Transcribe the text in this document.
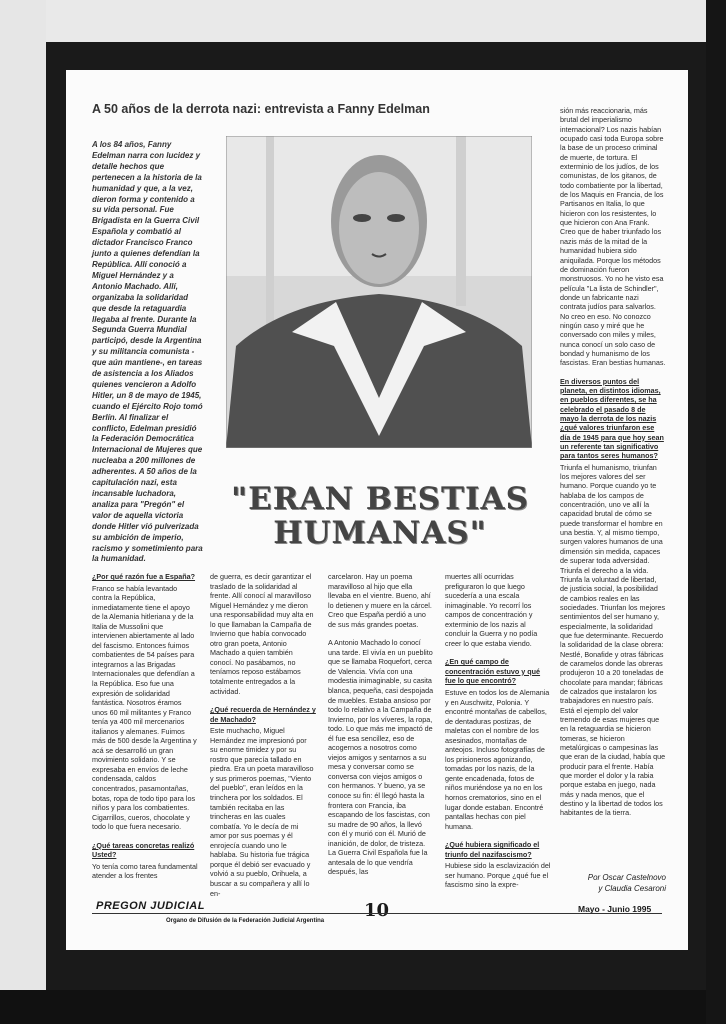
A 50 años de la derrota nazi: entrevista a Fanny Edelman
A los 84 años, Fanny Edelman narra con lucidez y detalle hechos que pertenecen a la historia de la humanidad y que, a la vez, dieron forma y contenido a su vida personal. Fue Brigadista en la Guerra Civil Española y combatió al dictador Francisco Franco junto a quienes defendían la República. Allí conoció a Miguel Hernández y a Antonio Machado. Allí, organizaba la solidaridad que desde la retaguardia llegaba al frente. Durante la Segunda Guerra Mundial participó, desde la Argentina y su militancia comunista -que aún mantiene-, en tareas de asistencia a los Aliados quienes vencieron a Adolfo Hitler, un 8 de mayo de 1945, cuando el Ejército Rojo tomó Berlín. Al finalizar el conflicto, Edelman presidió la Federación Democrática Internacional de Mujeres que nucleaba a 200 millones de adherentes. A 50 años de la capitulación nazi, esta incansable luchadora, analiza para "Pregón" el valor de aquella victoria donde Hitler vió pulverizada su ambición de imperio, racismo y sometimiento para la humanidad.
"ERAN BESTIAS
HUMANAS"
¿Por qué razón fue a España?

Franco se había levantado contra la República, inmediatamente tiene el apoyo de la Alemania hitleriana y de la Italia de Mussolini que intervienen abiertamente al lado del fascismo. Entonces fuimos combatientes de 54 países para integrarnos a las Brigadas Internacionales que defendían a la República. Eso fue una expresión de solidaridad fantástica. Nosotros éramos unos 60 mil militantes y Franco tenía ya 400 mil mercenarios italianos y alemanes. Fuimos más de 500 desde la Argentina y acá se desarrolló un gran movimiento solidario. Y se expresaba en envíos de leche condensada, caldos concentrados, pasamontañas, botas, ropa de todo tipo para los niños y para los combatientes. Cigarrillos, cueros, chocolate y todo lo que fuera necesario.

¿Qué tareas concretas realizó Usted?

Yo tenía como tarea fundamental atender a los frentes

de guerra, es decir garantizar el traslado de la solidaridad al frente. Allí conocí al maravilloso Miguel Hernández y me dieron una responsabilidad muy alta en lo que llamaban la Campaña de Invierno que había convocado otro gran poeta, Antonio Machado a quien también conocí. No pasábamos, no teníamos reposo estábamos totalmente entregados a la actividad.

¿Qué recuerda de Hernández y de Machado?

Este muchacho, Miguel Hernández me impresionó por su enorme timidez y por su rostro que parecía tallado en piedra. Era un poeta maravilloso y sus primeros poemas, "Viento del pueblo", eran leídos en la trinchera por los soldados. El también recitaba en las trincheras en las cuales combatía. Yo le decía de mi amor por sus poemas y él enrojecía cuando uno le hablaba. Su historia fue trágica porque él debió ser evacuado y volvió a su pueblo, Orihuela, a buscar a su compañera y allí lo en-

carcelaron. Hay un poema maravilloso al hijo que ella llevaba en el vientre. Bueno, ahí lo detienen y muere en la cárcel. Creo que España perdió a uno de sus más grandes poetas.

A Antonio Machado lo conocí una tarde. El vivía en un pueblito que se llamaba Roquefort, cerca de Valencia. Vivía con una modestia inimaginable, su casita blanca, pequeña, casi despojada de muebles. Estaba ansioso por todo lo relativo a la Campaña de Invierno, por los víveres, la ropa, todo. Lo que más me impactó de él fue esa sencillez, eso de acogernos a nosotros como viejos amigos y sentarnos a su mesa y conversar como se conversa con viejos amigos o con hermanos. Y bueno, ya se conoce su fin: él llegó hasta la frontera con Francia, iba escapando de los fascistas, con su madre de 90 años, la llevó con él y murió con él. Murió de inanición, de dolor, de tristeza. La Guerra Civil Española fue la antesala de lo que vendría después, las

muertes allí ocurridas prefiguraron lo que luego sucedería a una escala inimaginable. Yo recorrí los campos de concentración y exterminio de los nazis al concluir la Guerra y no podía creer lo que estaba viendo.

¿En qué campo de concentración estuvo y qué fue lo que encontró?

Estuve en todos los de Alemania y en Auschwitz, Polonia. Y encontré montañas de cabellos, de dentaduras postizas, de maletas con el nombre de los asesinados, montañas de anteojos. Incluso fotografías de los prisioneros agonizando, tomadas por los nazis, de la gente encadenada, fotos de niños muriéndose ya no en los hornos crematorios, sino en el lugar donde estaban. Encontré pantallas hechas con piel humana.

¿Qué hubiera significado el triunfo del nazifascismo?

Hubiese sido la esclavización del ser humano. Porque ¿qué fue el fascismo sino la expre-

sión más reaccionaria, más brutal del imperialismo internacional? Los nazis habían ocupado casi toda Europa sobre la base de un proceso criminal de muerte, de tortura. El exterminio de los judíos, de los comunistas, de los gitanos, de todo combatiente por la libertad, de los Maquis en Francia, de los Partisanos en Italia, lo que hicieron con los resistentes, lo que hicieron con Ana Frank. Creo que de haber triunfado los nazis más de la mitad de la humanidad hubiera sido aniquilada. Porque los métodos de dominación fueron monstruosos. Yo no he visto esa película "La lista de Schindler", donde un fabricante nazi contrata judíos para salvarlos. No creo en eso. No conozco ningún caso y miré que he conversado con miles y miles, nunca conocí un solo caso de bondad y humanismo de los fascistas. Eran bestias humanas.

En diversos puntos del planeta, en distintos idiomas, en pueblos diferentes, se ha celebrado el pasado 8 de mayo la derrota de los nazis ¿qué valores triunfaron ese día de 1945 para que hoy sean un referente tan significativo para tantos seres humanos?

Triunfa el humanismo, triunfan los mejores valores del ser humano. Porque cuando yo te hablaba de los campos de concentración, uno ve allí la capacidad brutal de cómo se puede transformar el hombre en una bestia. Y, al mismo tiempo, surgen valores humanos de una dimensión sin medida, capaces de superar toda adversidad. Triunfa el derecho a la vida. Triunfa la voluntad de libertad, de justicia social, la posibilidad de cambios reales en las sociedades. Triunfan los mejores sentimientos del ser humano y, especialmente, la solidaridad que fue determinante. Recuerdo la solidaridad de la clase obrera: Nestlé, Bonafide y otras fábricas de caramelos donde las obreras produjeron 10 a 20 toneladas de chocolate para mandar; fábricas de calzados que instalaron los trabajadores en nuestro país. Está el ejemplo del valor tremendo de esas mujeres que en la retaguardia se hicieron tomeras, se hicieron metalúrgicas o campesinas las que eran de la ciudad, había que producir para el frente. Había que morder el dolor y la rabia porque estaba en juego, nada más y nada menos, que el destino y la libertad de todos los habitantes de la tierra.

Por Oscar Castelnovo
y Claudia Cesaroni
PREGON JUDICIAL	10	Mayo - Junio 1995
Organo de Difusión de la Federación Judicial Argentina
